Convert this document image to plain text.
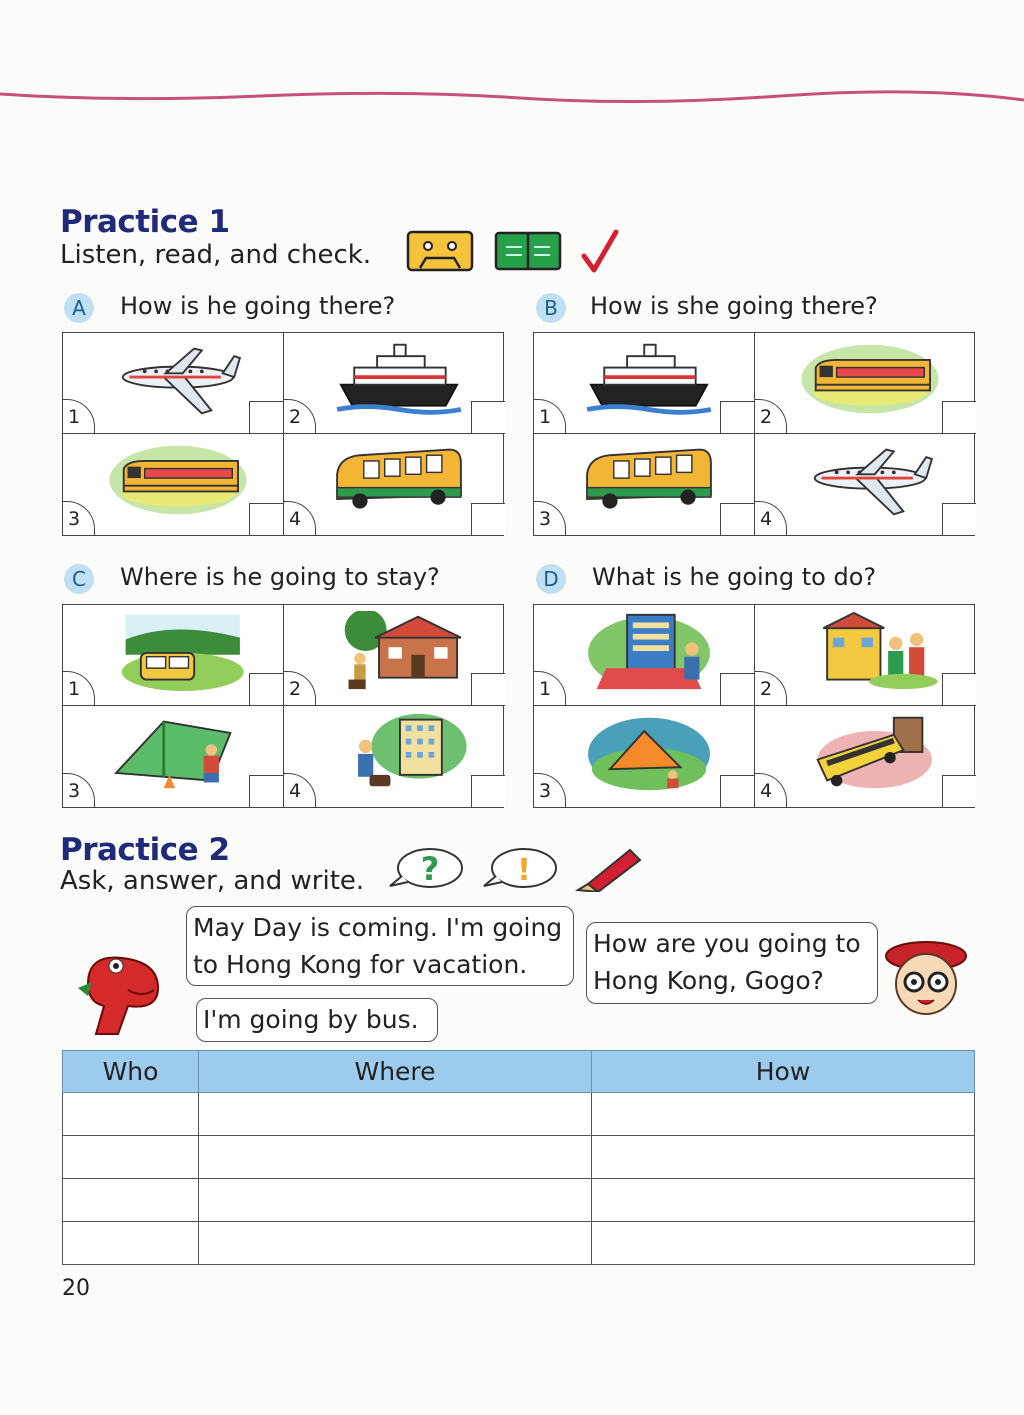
Practice 1
Listen, read, and check.
A	How is he going there?
1	2
3	4
B	How is she going there?
1	2
3	4
C	Where is he going to stay?
1	2
3	4
D	What is he going to do?
1	2
3	4
Practice 2
Ask, answer, and write. ?	!
May Day is coming. I'm going
to Hong Kong for vacation.
I'm going by bus.
How are you going to
Hong Kong, Gogo?
Who	Where	How

20
